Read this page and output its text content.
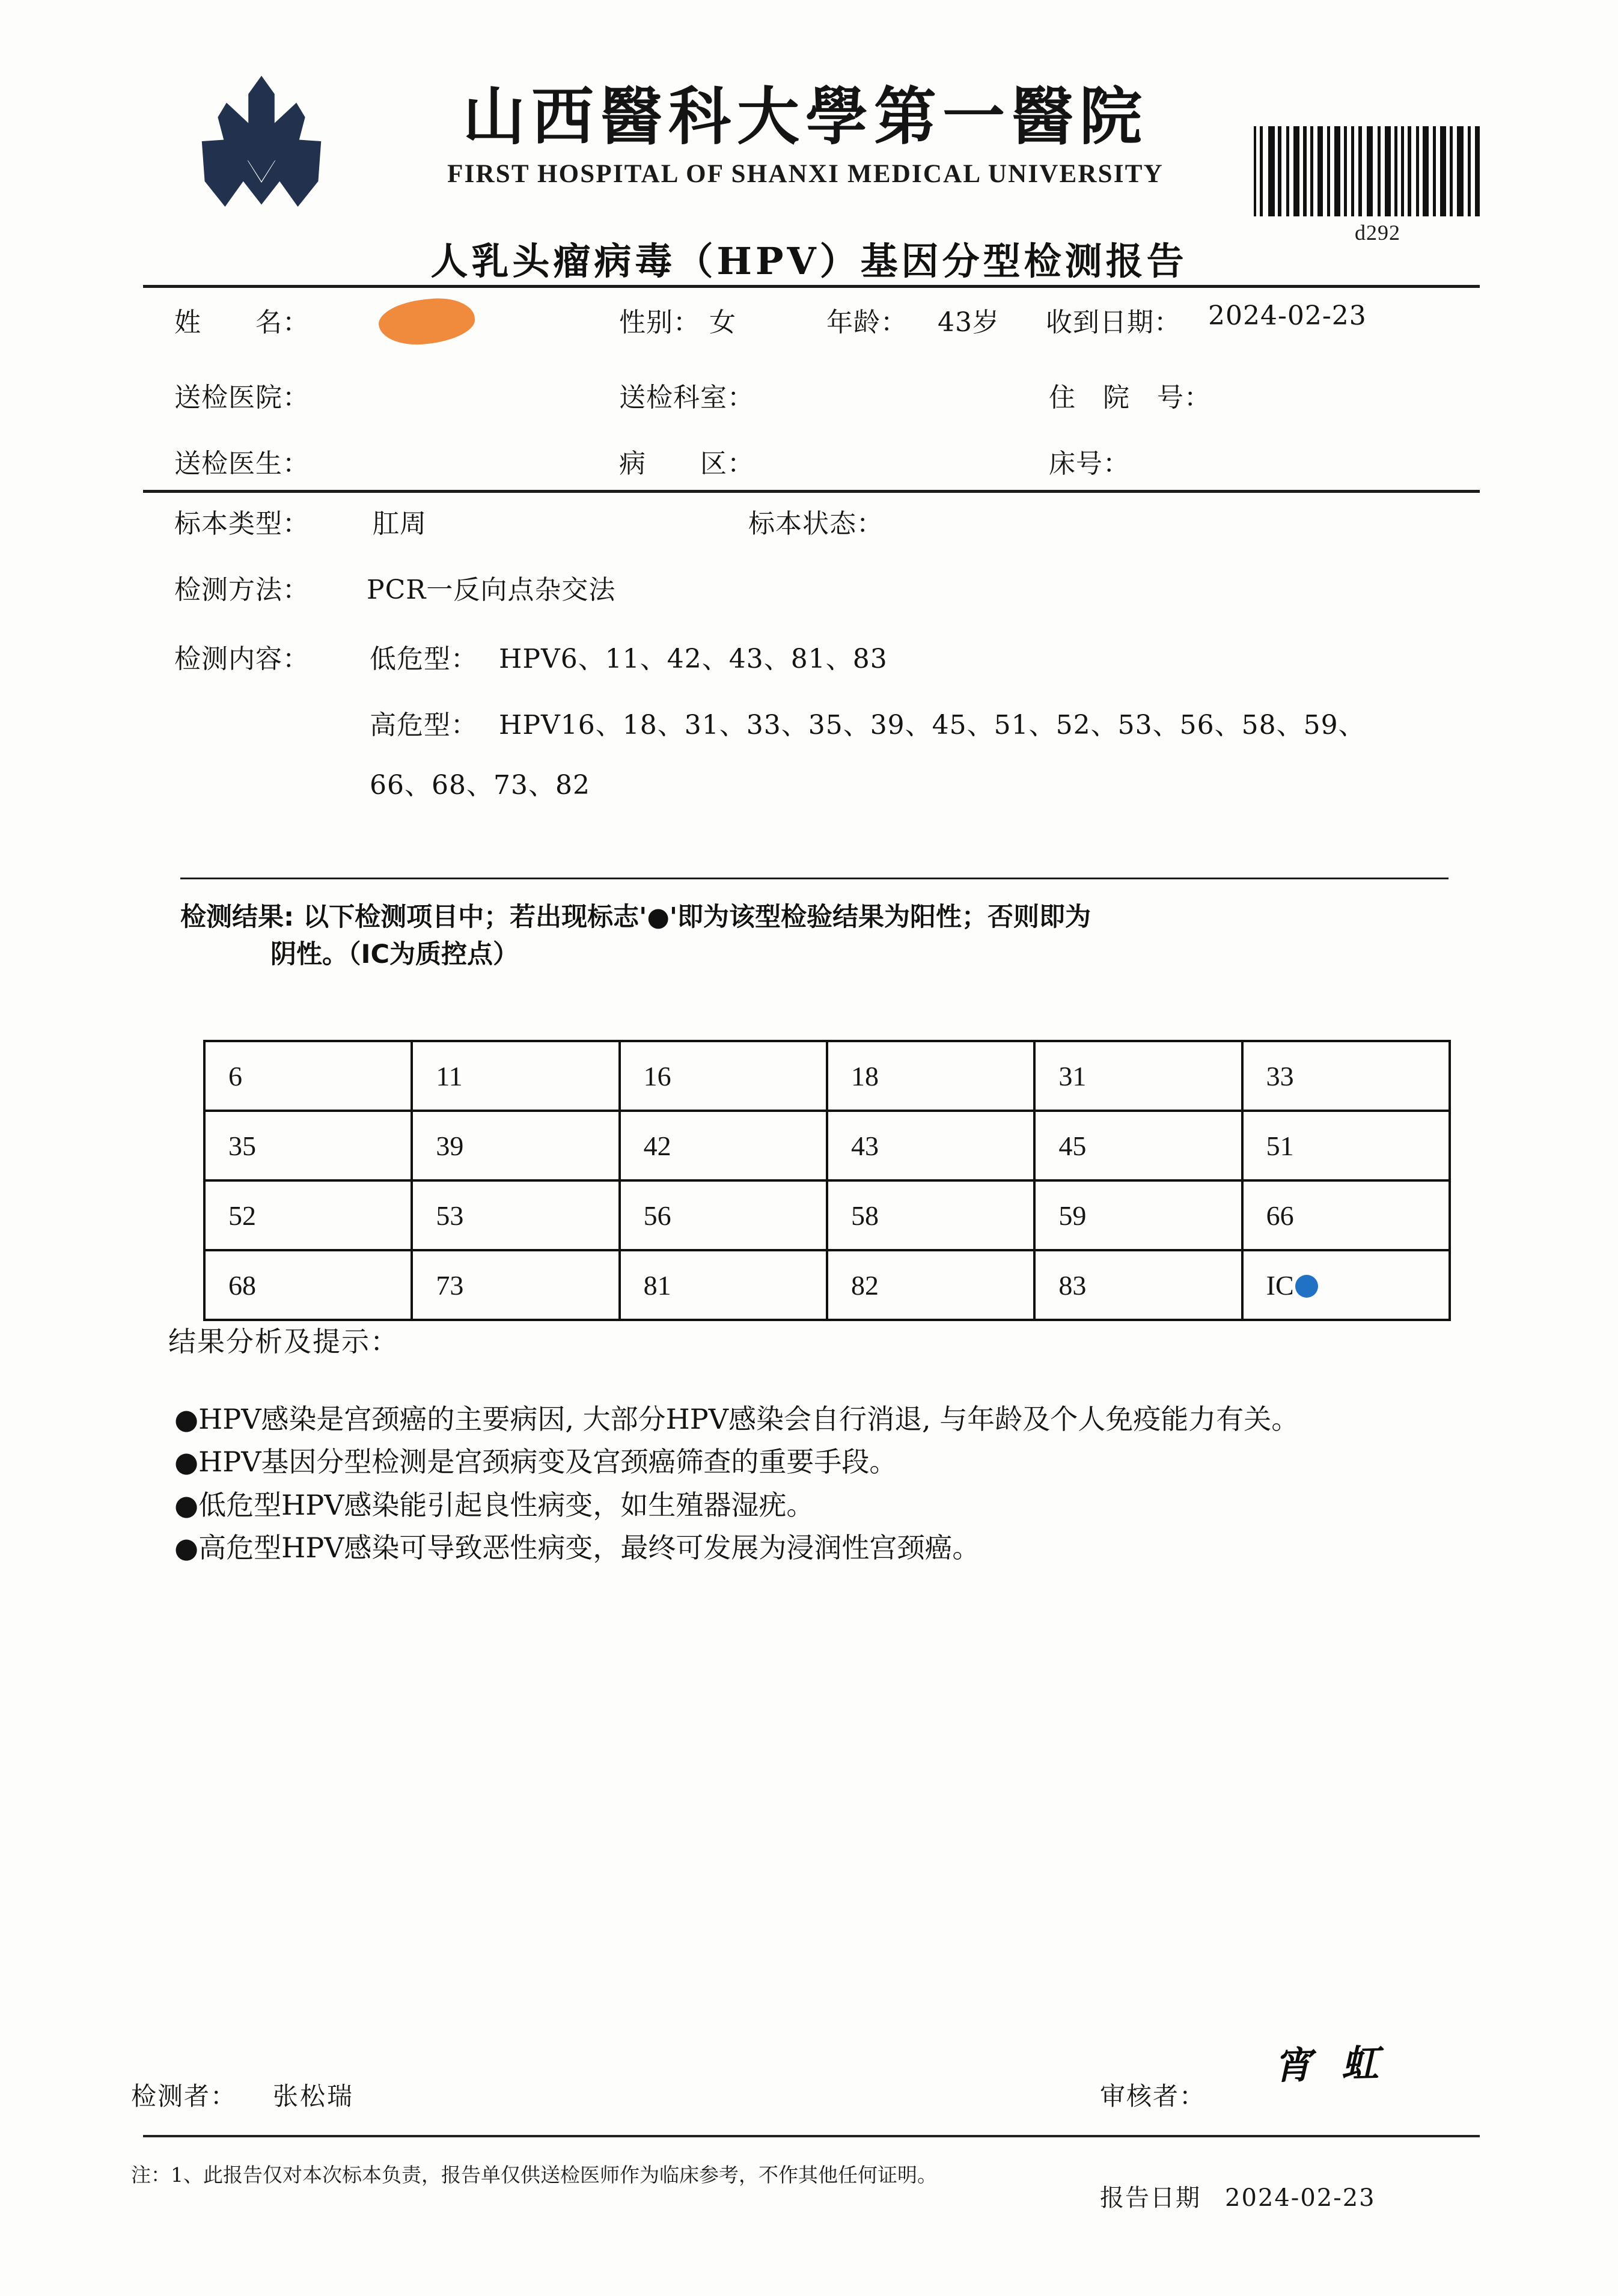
山西醫科大學第一醫院
FIRST HOSPITAL OF SHANXI MEDICAL UNIVERSITY
d292
人乳头瘤病毒（HPV）基因分型检测报告
姓　　名：	性别： 女	年龄： 43岁 收到日期： 2024-02-23
送检医院：	送检科室：	住　院　号：
送检医生：	病　　区：	床号：
标本类型： 肛周	标本状态：
检测方法： PCR一反向点杂交法
检测内容： 低危型： HPV6、11、42、43、81、83
高危型： HPV16、18、31、33、35、39、45、51、52、53、56、58、59、
66、68、73、82
检测结果: 以下检测项目中；若出现标志'●'即为该型检验结果为阳性；否则即为
阴性。（IC为质控点）
6	11	16	18	31	33
35	39	42	43	45	51
52	53	56	58	59	66
68	73	81	82	83	IC
结果分析及提示：

●HPV感染是宫颈癌的主要病因, 大部分HPV感染会自行消退, 与年龄及个人免疫能力有关。

●HPV基因分型检测是宫颈病变及宫颈癌筛查的重要手段。

●低危型HPV感染能引起良性病变，如生殖器湿疣。

●高危型HPV感染可导致恶性病变，最终可发展为浸润性宫颈癌。

检测者： 张松瑞	审核者：
宵 虹
注：1、此报告仅对本次标本负责，报告单仅供送检医师作为临床参考，不作其他任何证明。
报告日期 2024-02-23
